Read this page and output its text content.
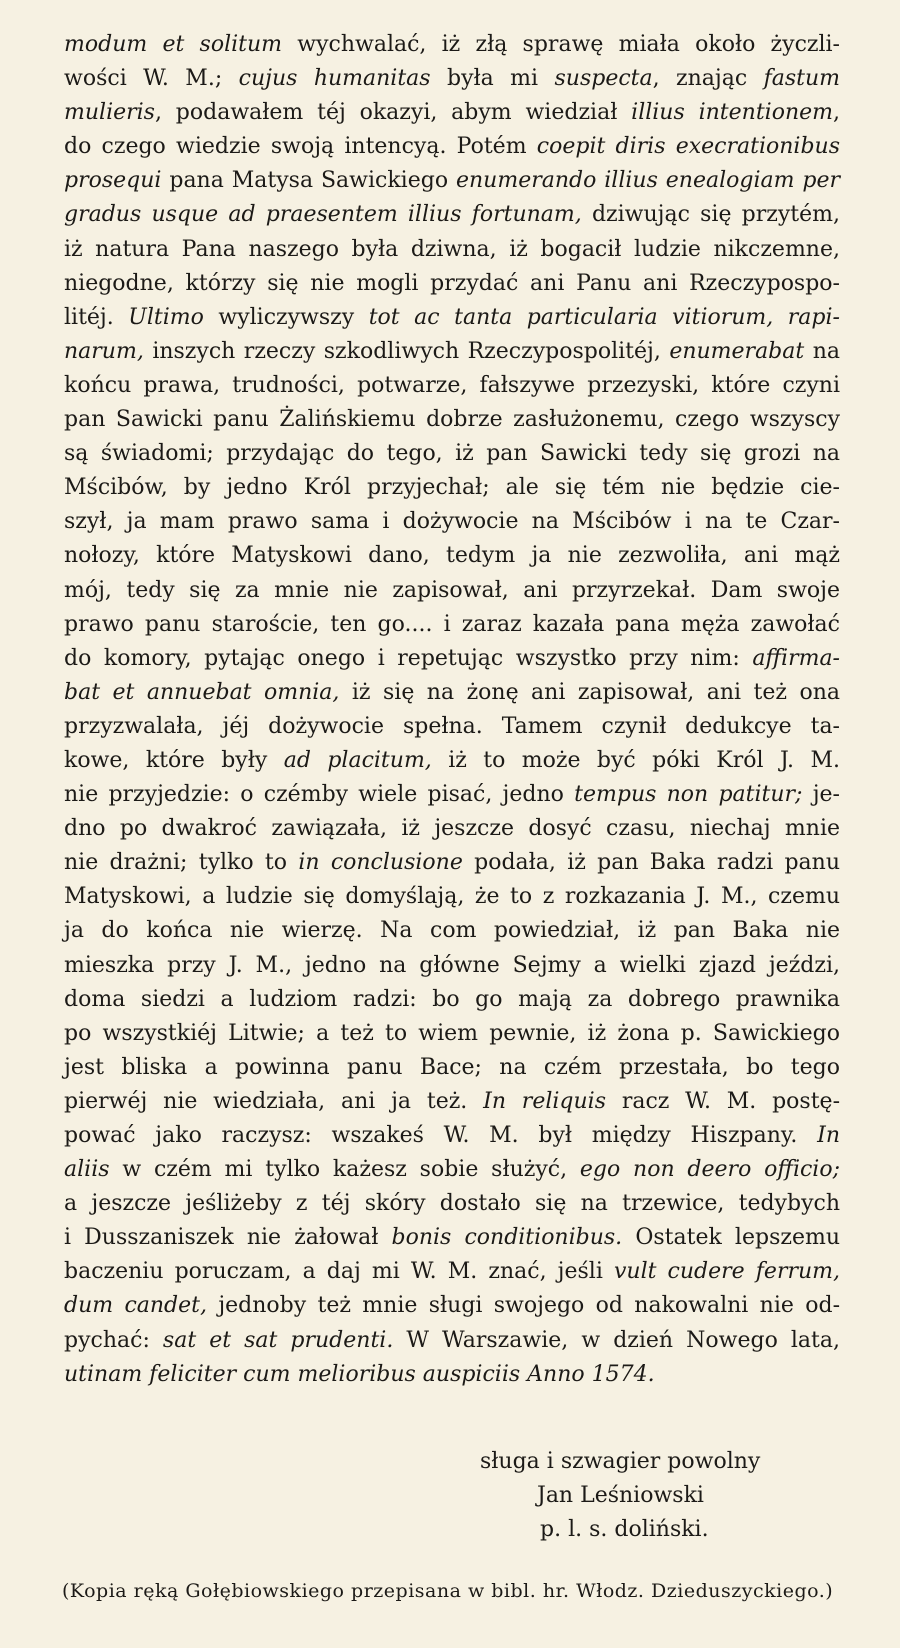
modum et solitum wychwalać, iż złą sprawę miała około życzli-
wości W. M.; cujus humanitas była mi suspecta, znając fastum
mulieris, podawałem téj okazyi, abym wiedział illius intentionem,
do czego wiedzie swoją intencyą. Potém coepit diris execrationibus
prosequi pana Matysa Sawickiego enumerando illius enealogiam per
gradus usque ad praesentem illius fortunam, dziwując się przytém,
iż natura Pana naszego była dziwna, iż bogacił ludzie nikczemne,
niegodne, którzy się nie mogli przydać ani Panu ani Rzeczypospo-
litéj. Ultimo wyliczywszy tot ac tanta particularia vitiorum, rapi-
narum, inszych rzeczy szkodliwych Rzeczypospolitéj, enumerabat na
końcu prawa, trudności, potwarze, fałszywe przezyski, które czyni
pan Sawicki panu Żalińskiemu dobrze zasłużonemu, czego wszyscy
są świadomi; przydając do tego, iż pan Sawicki tedy się grozi na
Mścibów, by jedno Król przyjechał; ale się tém nie będzie cie-
szył, ja mam prawo sama i dożywocie na Mścibów i na te Czar-
nołozy, które Matyskowi dano, tedym ja nie zezwoliła, ani mąż
mój, tedy się za mnie nie zapisował, ani przyrzekał. Dam swoje
prawo panu staroście, ten go.... i zaraz kazała pana męża zawołać
do komory, pytając onego i repetując wszystko przy nim: affirma-
bat et annuebat omnia, iż się na żonę ani zapisował, ani też ona
przyzwalała, jéj dożywocie spełna. Tamem czynił dedukcye ta-
kowe, które były ad placitum, iż to może być póki Król J. M.
nie przyjedzie: o czémby wiele pisać, jedno tempus non patitur; je-
dno po dwakroć zawiązała, iż jeszcze dosyć czasu, niechaj mnie
nie drażni; tylko to in conclusione podała, iż pan Baka radzi panu
Matyskowi, a ludzie się domyślają, że to z rozkazania J. M., czemu
ja do końca nie wierzę. Na com powiedział, iż pan Baka nie
mieszka przy J. M., jedno na główne Sejmy a wielki zjazd jeździ,
doma siedzi a ludziom radzi: bo go mają za dobrego prawnika
po wszystkiéj Litwie; a też to wiem pewnie, iż żona p. Sawickiego
jest bliska a powinna panu Bace; na czém przestała, bo tego
pierwéj nie wiedziała, ani ja też. In reliquis racz W. M. postę-
pować jako raczysz: wszakeś W. M. był między Hiszpany. In
aliis w czém mi tylko każesz sobie służyć, ego non deero officio;
a jeszcze jeśliżeby z téj skóry dostało się na trzewice, tedybych
i Dusszaniszek nie żałował bonis conditionibus. Ostatek lepszemu
baczeniu poruczam, a daj mi W. M. znać, jeśli vult cudere ferrum,
dum candet, jednoby też mnie sługi swojego od nakowalni nie od-
pychać: sat et sat prudenti. W Warszawie, w dzień Nowego lata,
utinam feliciter cum melioribus auspiciis Anno 1574.
sługa i szwagier powolny
Jan Leśniowski
p. l. s. doliński.
(Kopia ręką Gołębiowskiego przepisana w bibl. hr. Włodz. Dzieduszyckiego.)
